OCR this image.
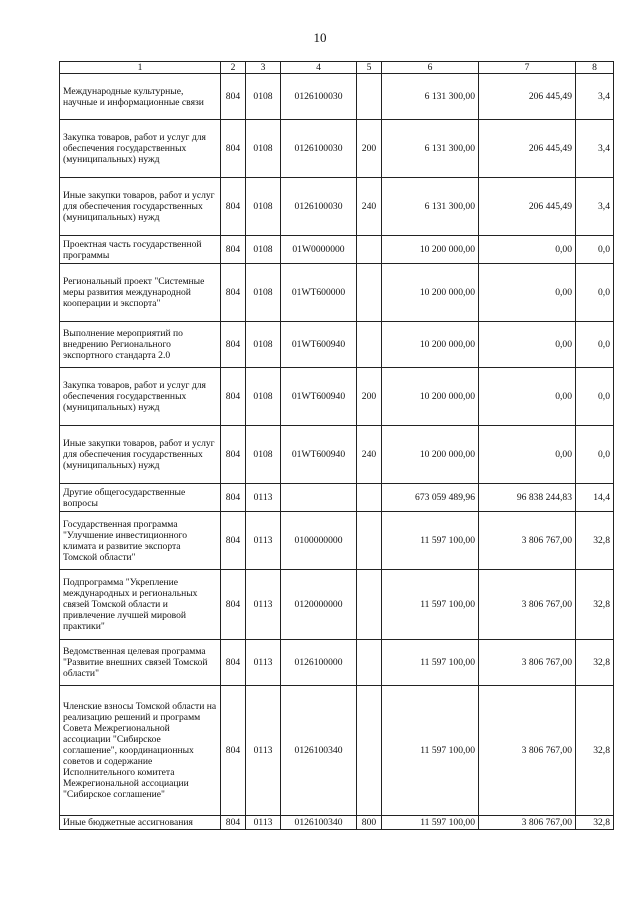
10
1	2	3	4	5	6	7	8
Международные культурные, научные и информационные связи	804	0108	0126100030		6 131 300,00	206 445,49	3,4
Закупка товаров, работ и услуг для обеспечения государственных (муниципальных) нужд	804	0108	0126100030	200	6 131 300,00	206 445,49	3,4
Иные закупки товаров, работ и услуг для обеспечения государственных (муниципальных) нужд	804	0108	0126100030	240	6 131 300,00	206 445,49	3,4
Проектная часть государственной программы	804	0108	01W0000000		10 200 000,00	0,00	0,0
Региональный проект "Системные меры развития международной кооперации и экспорта"	804	0108	01WT600000		10 200 000,00	0,00	0,0
Выполнение мероприятий по внедрению Регионального экспортного стандарта 2.0	804	0108	01WT600940		10 200 000,00	0,00	0,0
Закупка товаров, работ и услуг для обеспечения государственных (муниципальных) нужд	804	0108	01WT600940	200	10 200 000,00	0,00	0,0
Иные закупки товаров, работ и услуг для обеспечения государственных (муниципальных) нужд	804	0108	01WT600940	240	10 200 000,00	0,00	0,0
Другие общегосударственные вопросы	804	0113			673 059 489,96	96 838 244,83	14,4
Государственная программа "Улучшение инвестиционного климата и развитие экспорта Томской области"	804	0113	0100000000		11 597 100,00	3 806 767,00	32,8
Подпрограмма "Укрепление международных и региональных связей Томской области и привлечение лучшей мировой практики"	804	0113	0120000000		11 597 100,00	3 806 767,00	32,8
Ведомственная целевая программа "Развитие внешних связей Томской области"	804	0113	0126100000		11 597 100,00	3 806 767,00	32,8
Членские взносы Томской области на реализацию решений и программ Совета Межрегиональной ассоциации "Сибирское соглашение", координационных советов и содержание Исполнительного комитета Межрегиональной ассоциации "Сибирское соглашение"	804	0113	0126100340		11 597 100,00	3 806 767,00	32,8
Иные бюджетные ассигнования	804	0113	0126100340	800	11 597 100,00	3 806 767,00	32,8
